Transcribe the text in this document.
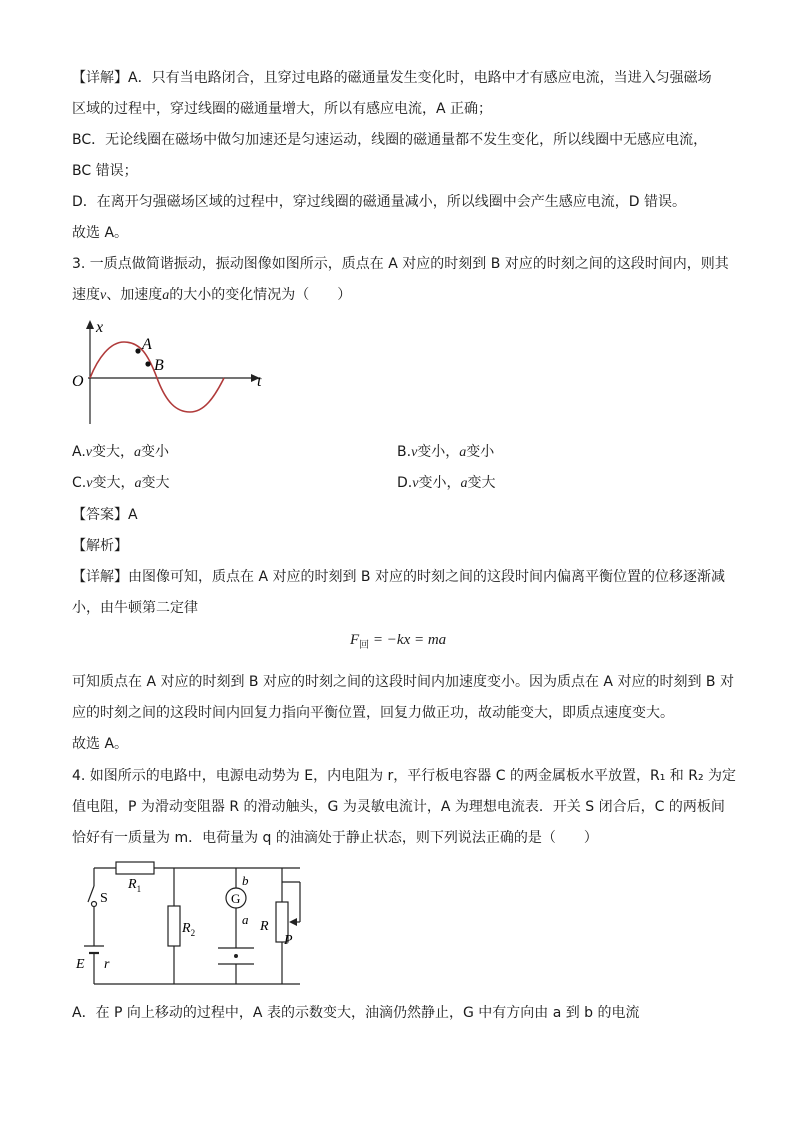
【详解】A．只有当电路闭合，且穿过电路的磁通量发生变化时，电路中才有感应电流，当进入匀强磁场
区域的过程中，穿过线圈的磁通量增大，所以有感应电流，A 正确；
BC．无论线圈在磁场中做匀加速还是匀速运动，线圈的磁通量都不发生变化，所以线圈中无感应电流，
BC 错误；
D．在离开匀强磁场区域的过程中，穿过线圈的磁通量减小，所以线圈中会产生感应电流，D 错误。
故选 A。
3. 一质点做简谐振动，振动图像如图所示，质点在 A 对应的时刻到 B 对应的时刻之间的这段时间内，则其
速度v、加速度a的大小的变化情况为（　　）
x
t
O
A
B
A.v变大，a变小	B.v变小，a变小
C.v变大，a变大	D.v变小，a变大
【答案】A
【解析】
【详解】由图像可知，质点在 A 对应的时刻到 B 对应的时刻之间的这段时间内偏离平衡位置的位移逐渐减
小，由牛顿第二定律
$F_回 = -kx$ = ma
可知质点在 A 对应的时刻到 B 对应的时刻之间的这段时间内加速度变小。因为质点在 A 对应的时刻到 B 对
应的时刻之间的这段时间内回复力指向平衡位置，回复力做正功，故动能变大，即质点速度变大。
故选 A。
4. 如图所示的电路中，电源电动势为 E，内电阻为 r，平行板电容器 C 的两金属板水平放置，R₁ 和 R₂ 为定
值电阻，P 为滑动变阻器 R 的滑动触头，G 为灵敏电流计，A 为理想电流表．开关 S 闭合后，C 的两板间
恰好有一质量为 m．电荷量为 q 的油滴处于静止状态，则下列说法正确的是（　　）
$R_1$
$R_2$
S
E r
G
b
a R
P
A．在 P 向上移动的过程中，A 表的示数变大，油滴仍然静止，G 中有方向由 a 到 b 的电流
